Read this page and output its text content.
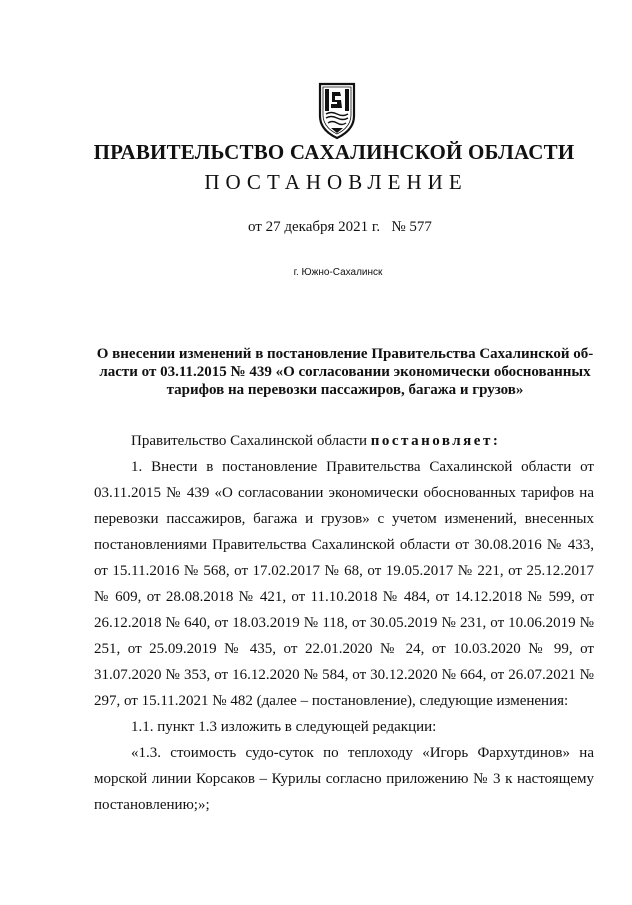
ПРАВИТЕЛЬСТВО САХАЛИНСКОЙ ОБЛАСТИ
ПОСТАНОВЛЕНИЕ
от 27 декабря 2021 г.   № 577
г. Южно-Сахалинск
О внесении изменений в постановление Правительства Сахалинской об-
ласти от 03.11.2015 № 439 «О согласовании экономически обоснованных
тарифов на перевозки пассажиров, багажа и грузов»

Правительство Сахалинской области постановляет:

1. Внести в постановление Правительства Сахалинской области от 03.11.2015 № 439 «О согласовании экономически обоснованных тарифов на перевозки пассажиров, багажа и грузов» с учетом изменений, внесенных постановлениями Правительства Сахалинской области от 30.08.2016 № 433, от 15.11.2016 № 568, от 17.02.2017 № 68, от 19.05.2017 № 221, от 25.12.2017 № 609, от 28.08.2018 № 421, от 11.10.2018 № 484, от 14.12.2018 № 599, от 26.12.2018 № 640, от 18.03.2019 № 118, от 30.05.2019 № 231, от 10.06.2019 № 251, от 25.09.2019 № 435, от 22.01.2020 № 24, от 10.03.2020 № 99, от 31.07.2020 № 353, от 16.12.2020 № 584, от 30.12.2020 № 664, от 26.07.2021 № 297, от 15.11.2021 № 482 (далее – постановление), следующие изменения:

1.1. пункт 1.3 изложить в следующей редакции:

«1.3. стоимость судо-суток по теплоходу «Игорь Фархутдинов» на морской линии Корсаков – Курилы согласно приложению № 3 к настоящему постановлению;»;
